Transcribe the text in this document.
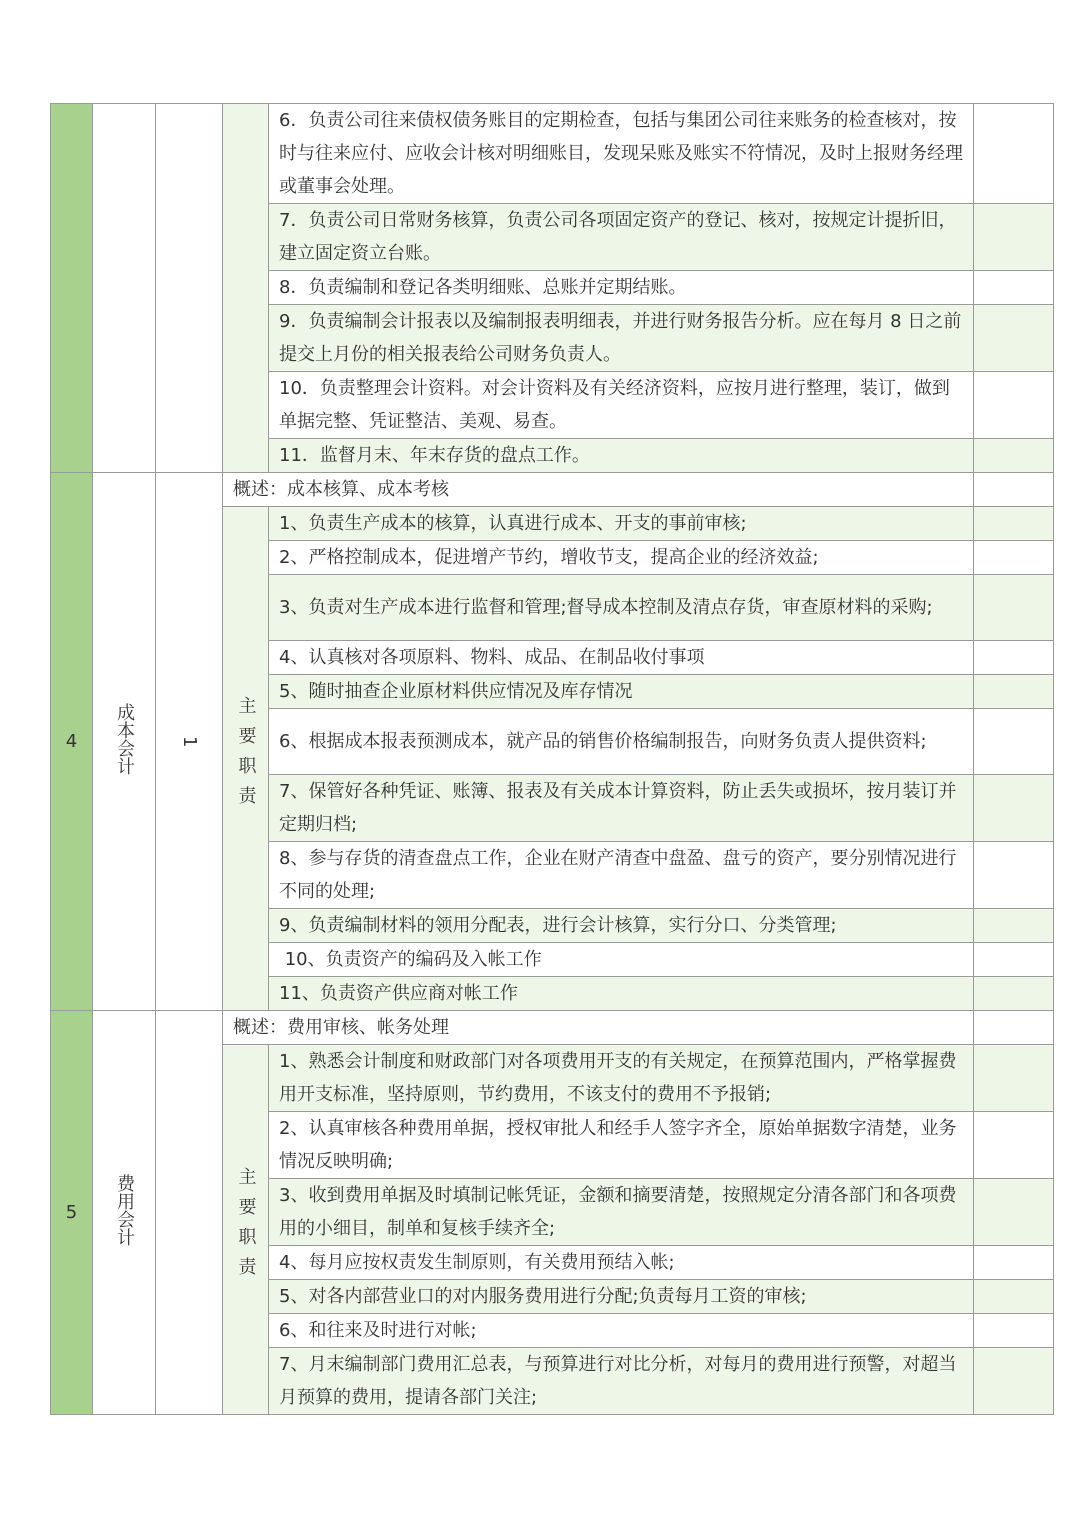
				6．负责公司往来债权债务账目的定期检查，包括与集团公司往来账务的检查核对，按时与往来应付、应收会计核对明细账目，发现呆账及账实不符情况，及时上报财务经理或董事会处理。	
				7．负责公司日常财务核算，负责公司各项固定资产的登记、核对，按规定计提折旧，建立固定资立台账。	
				8．负责编制和登记各类明细账、总账并定期结账。	
				9．负责编制会计报表以及编制报表明细表，并进行财务报告分析。应在每月 8 日之前提交上月份的相关报表给公司财务负责人。	
				10．负责整理会计资料。对会计资料及有关经济资料，应按月进行整理，装订，做到单据完整、凭证整洁、美观、易查。	
				11．监督月末、年末存货的盘点工作。	
4	成本会计	1	概述：成本核算、成本考核		
			主要职责	1、负责生产成本的核算，认真进行成本、开支的事前审核;	
				2、严格控制成本，促进增产节约，增收节支，提高企业的经济效益;	
				3、负责对生产成本进行监督和管理;督导成本控制及清点存货，审查原材料的采购;	
				4、认真核对各项原料、物料、成品、在制品收付事项	
				5、随时抽查企业原材料供应情况及库存情况	
				6、根据成本报表预测成本，就产品的销售价格编制报告，向财务负责人提供资料;	
				7、保管好各种凭证、账簿、报表及有关成本计算资料，防止丢失或损坏，按月装订并定期归档;	
				8、参与存货的清查盘点工作，企业在财产清查中盘盈、盘亏的资产，要分别情况进行不同的处理;	
				9、负责编制材料的领用分配表，进行会计核算，实行分口、分类管理;	
				10、负责资产的编码及入帐工作	
				11、负责资产供应商对帐工作	
5	费用会计		概述：费用审核、帐务处理		
			主要职责	1、熟悉会计制度和财政部门对各项费用开支的有关规定，在预算范围内，严格掌握费用开支标准，坚持原则，节约费用，不该支付的费用不予报销;	
				2、认真审核各种费用单据，授权审批人和经手人签字齐全，原始单据数字清楚，业务情况反映明确;	
				3、收到费用单据及时填制记帐凭证，金额和摘要清楚，按照规定分清各部门和各项费用的小细目，制单和复核手续齐全;	
				4、每月应按权责发生制原则，有关费用预结入帐;	
				5、对各内部营业口的对内服务费用进行分配;负责每月工资的审核;	
				6、和往来及时进行对帐;	
				7、月末编制部门费用汇总表，与预算进行对比分析，对每月的费用进行预警，对超当月预算的费用，提请各部门关注;	
